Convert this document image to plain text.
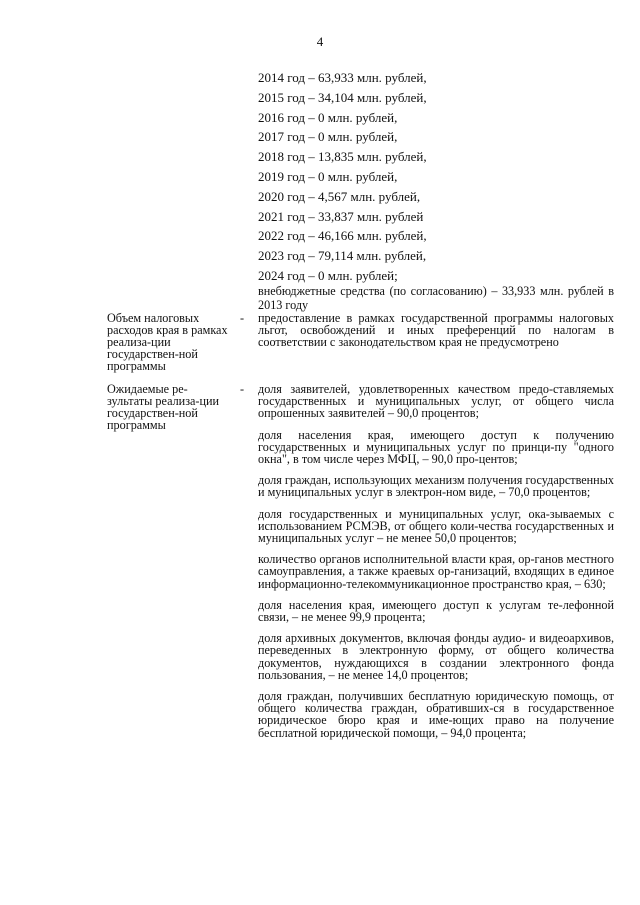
4
2014 год – 63,933 млн. рублей,
2015 год – 34,104 млн. рублей,
2016 год – 0 млн. рублей,
2017 год – 0 млн. рублей,
2018 год – 13,835 млн. рублей,
2019 год – 0 млн. рублей,
2020 год – 4,567 млн. рублей,
2021 год – 33,837 млн. рублей
2022 год – 46,166 млн. рублей,
2023 год – 79,114 млн. рублей,
2024 год – 0 млн. рублей;
внебюджетные средства (по согласованию) – 33,933 млн. рублей в 2013 году
Объем налоговых расходов края в рамках реализа-ции государствен-ной программы
- предоставление в рамках государственной программы налоговых льгот, освобождений и иных преференций по налогам в соответствии с законодательством края не предусмотрено

Ожидаемые ре-зультаты реализа-ции государствен-ной программы
- доля заявителей, удовлетворенных качеством предо-ставляемых государственных и муниципальных услуг, от общего числа опрошенных заявителей – 90,0 процентов;

доля населения края, имеющего доступ к получению государственных и муниципальных услуг по принци-пу "одного окна", в том числе через МФЦ, – 90,0 про-центов;

доля граждан, использующих механизм получения государственных и муниципальных услуг в электрон-ном виде, – 70,0 процентов;

доля государственных и муниципальных услуг, ока-зываемых с использованием РСМЭВ, от общего коли-чества государственных и муниципальных услуг – не менее 50,0 процентов;

количество органов исполнительной власти края, ор-ганов местного самоуправления, а также краевых ор-ганизаций, входящих в единое информационно-телекоммуникационное пространство края, – 630;

доля населения края, имеющего доступ к услугам те-лефонной связи, – не менее 99,9 процента;

доля архивных документов, включая фонды аудио- и видеоархивов, переведенных в электронную форму, от общего количества документов, нуждающихся в создании электронного фонда пользования, – не менее 14,0 процентов;

доля граждан, получивших бесплатную юридическую помощь, от общего количества граждан, обративших-ся в государственное юридическое бюро края и име-ющих право на получение бесплатной юридической помощи, – 94,0 процента;
